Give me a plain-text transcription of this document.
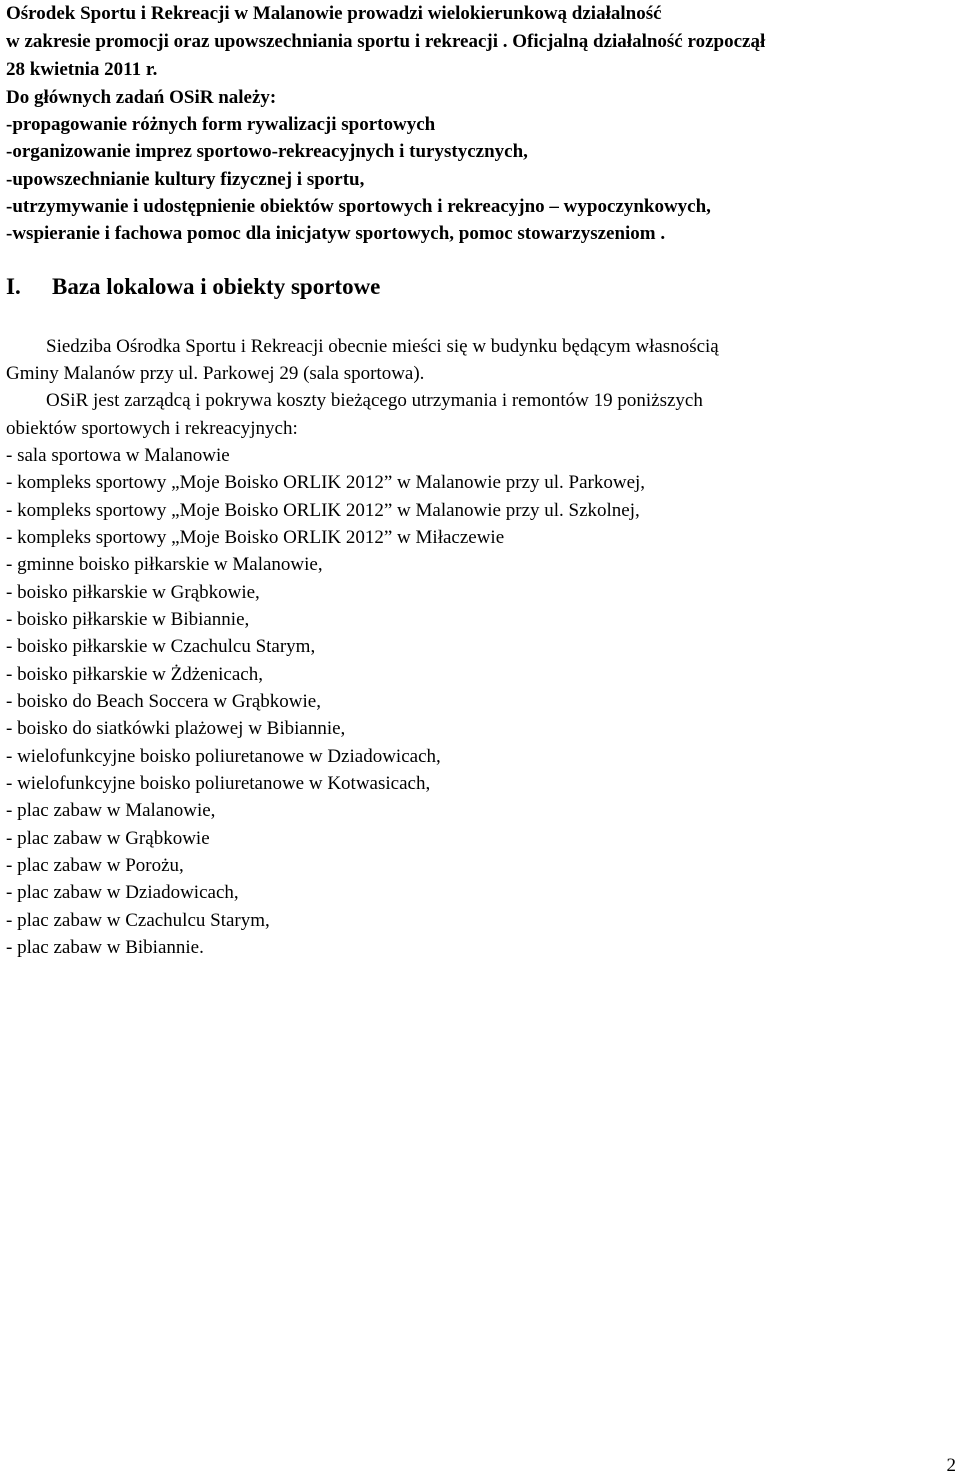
Ośrodek Sportu i Rekreacji w Malanowie prowadzi wielokierunkową działalność
w zakresie promocji oraz upowszechniania sportu i rekreacji . Oficjalną działalność rozpoczął
28 kwietnia 2011 r.
Do głównych zadań OSiR należy:
-propagowanie różnych form rywalizacji sportowych
-organizowanie imprez sportowo-rekreacyjnych i turystycznych,
-upowszechnianie kultury fizycznej i sportu,
-utrzymywanie i udostępnienie obiektów sportowych i rekreacyjno – wypoczynkowych,
-wspieranie i fachowa pomoc dla inicjatyw sportowych, pomoc stowarzyszeniom .
I. Baza lokalowa i obiekty sportowe
Siedziba Ośrodka Sportu i Rekreacji obecnie mieści się w budynku będącym własnością
Gminy Malanów przy ul. Parkowej 29 (sala sportowa).
OSiR jest zarządcą i pokrywa koszty bieżącego utrzymania i remontów 19 poniższych
obiektów sportowych i rekreacyjnych:
- sala sportowa w Malanowie
- kompleks sportowy „Moje Boisko ORLIK 2012” w Malanowie przy ul. Parkowej,
- kompleks sportowy „Moje Boisko ORLIK 2012” w Malanowie przy ul. Szkolnej,
- kompleks sportowy „Moje Boisko ORLIK 2012” w Miłaczewie
- gminne boisko piłkarskie w Malanowie,
- boisko piłkarskie w Grąbkowie,
- boisko piłkarskie w Bibiannie,
- boisko piłkarskie w Czachulcu Starym,
- boisko piłkarskie w Żdżenicach,
- boisko do Beach Soccera w Grąbkowie,
- boisko do siatkówki plażowej w Bibiannie,
- wielofunkcyjne boisko poliuretanowe w Dziadowicach,
- wielofunkcyjne boisko poliuretanowe w Kotwasicach,
- plac zabaw w Malanowie,
- plac zabaw w Grąbkowie
- plac zabaw w Porożu,
- plac zabaw w Dziadowicach,
- plac zabaw w Czachulcu Starym,
- plac zabaw w Bibiannie.
2
